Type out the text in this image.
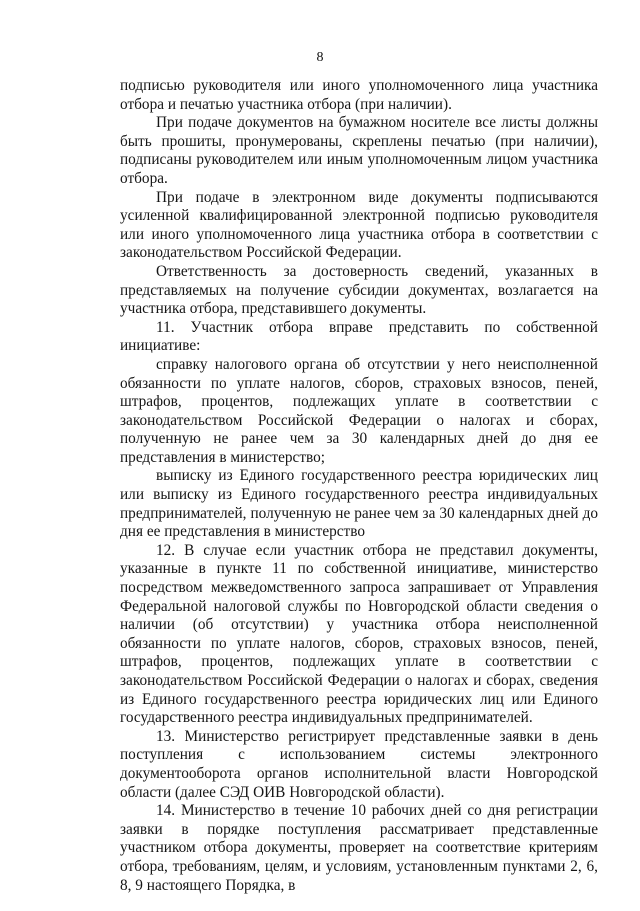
8

подписью руководителя или иного уполномоченного лица участника отбора и печатью участника отбора (при наличии).

При подаче документов на бумажном носителе все листы должны быть прошиты, пронумерованы, скреплены печатью (при наличии), подписаны руководителем или иным уполномоченным лицом участника отбора.

При подаче в электронном виде документы подписываются усиленной квалифицированной электронной подписью руководителя или иного уполномоченного лица участника отбора в соответствии с законодательством Российской Федерации.

Ответственность за достоверность сведений, указанных в представляемых на получение субсидии документах, возлагается на участника отбора, представившего документы.

11. Участник отбора вправе представить по собственной инициативе:

справку налогового органа об отсутствии у него неисполненной обязанности по уплате налогов, сборов, страховых взносов, пеней, штрафов, процентов, подлежащих уплате в соответствии с законодательством Российской Федерации о налогах и сборах, полученную не ранее чем за 30 календарных дней до дня ее представления в министерство;

выписку из Единого государственного реестра юридических лиц или выписку из Единого государственного реестра индивидуальных предпринимателей, полученную не ранее чем за 30 календарных дней до дня ее представления в министерство

12. В случае если участник отбора не представил документы, указанные в пункте 11 по собственной инициативе, министерство посредством межведомственного запроса запрашивает от Управления Федеральной налоговой службы по Новгородской области сведения о наличии (об отсутствии) у участника отбора неисполненной обязанности по уплате налогов, сборов, страховых взносов, пеней, штрафов, процентов, подлежащих уплате в соответствии с законодательством Российской Федерации о налогах и сборах, сведения из Единого государственного реестра юридических лиц или Единого государственного реестра индивидуальных предпринимателей.

13. Министерство регистрирует представленные заявки в день поступления с использованием системы электронного документооборота органов исполнительной власти Новгородской области (далее СЭД ОИВ Новгородской области).

14. Министерство в течение 10 рабочих дней со дня регистрации заявки в порядке поступления рассматривает представленные участником отбора документы, проверяет на соответствие критериям отбора, требованиям, целям, и условиям, установленным пунктами 2, 6, 8, 9 настоящего Порядка, в
